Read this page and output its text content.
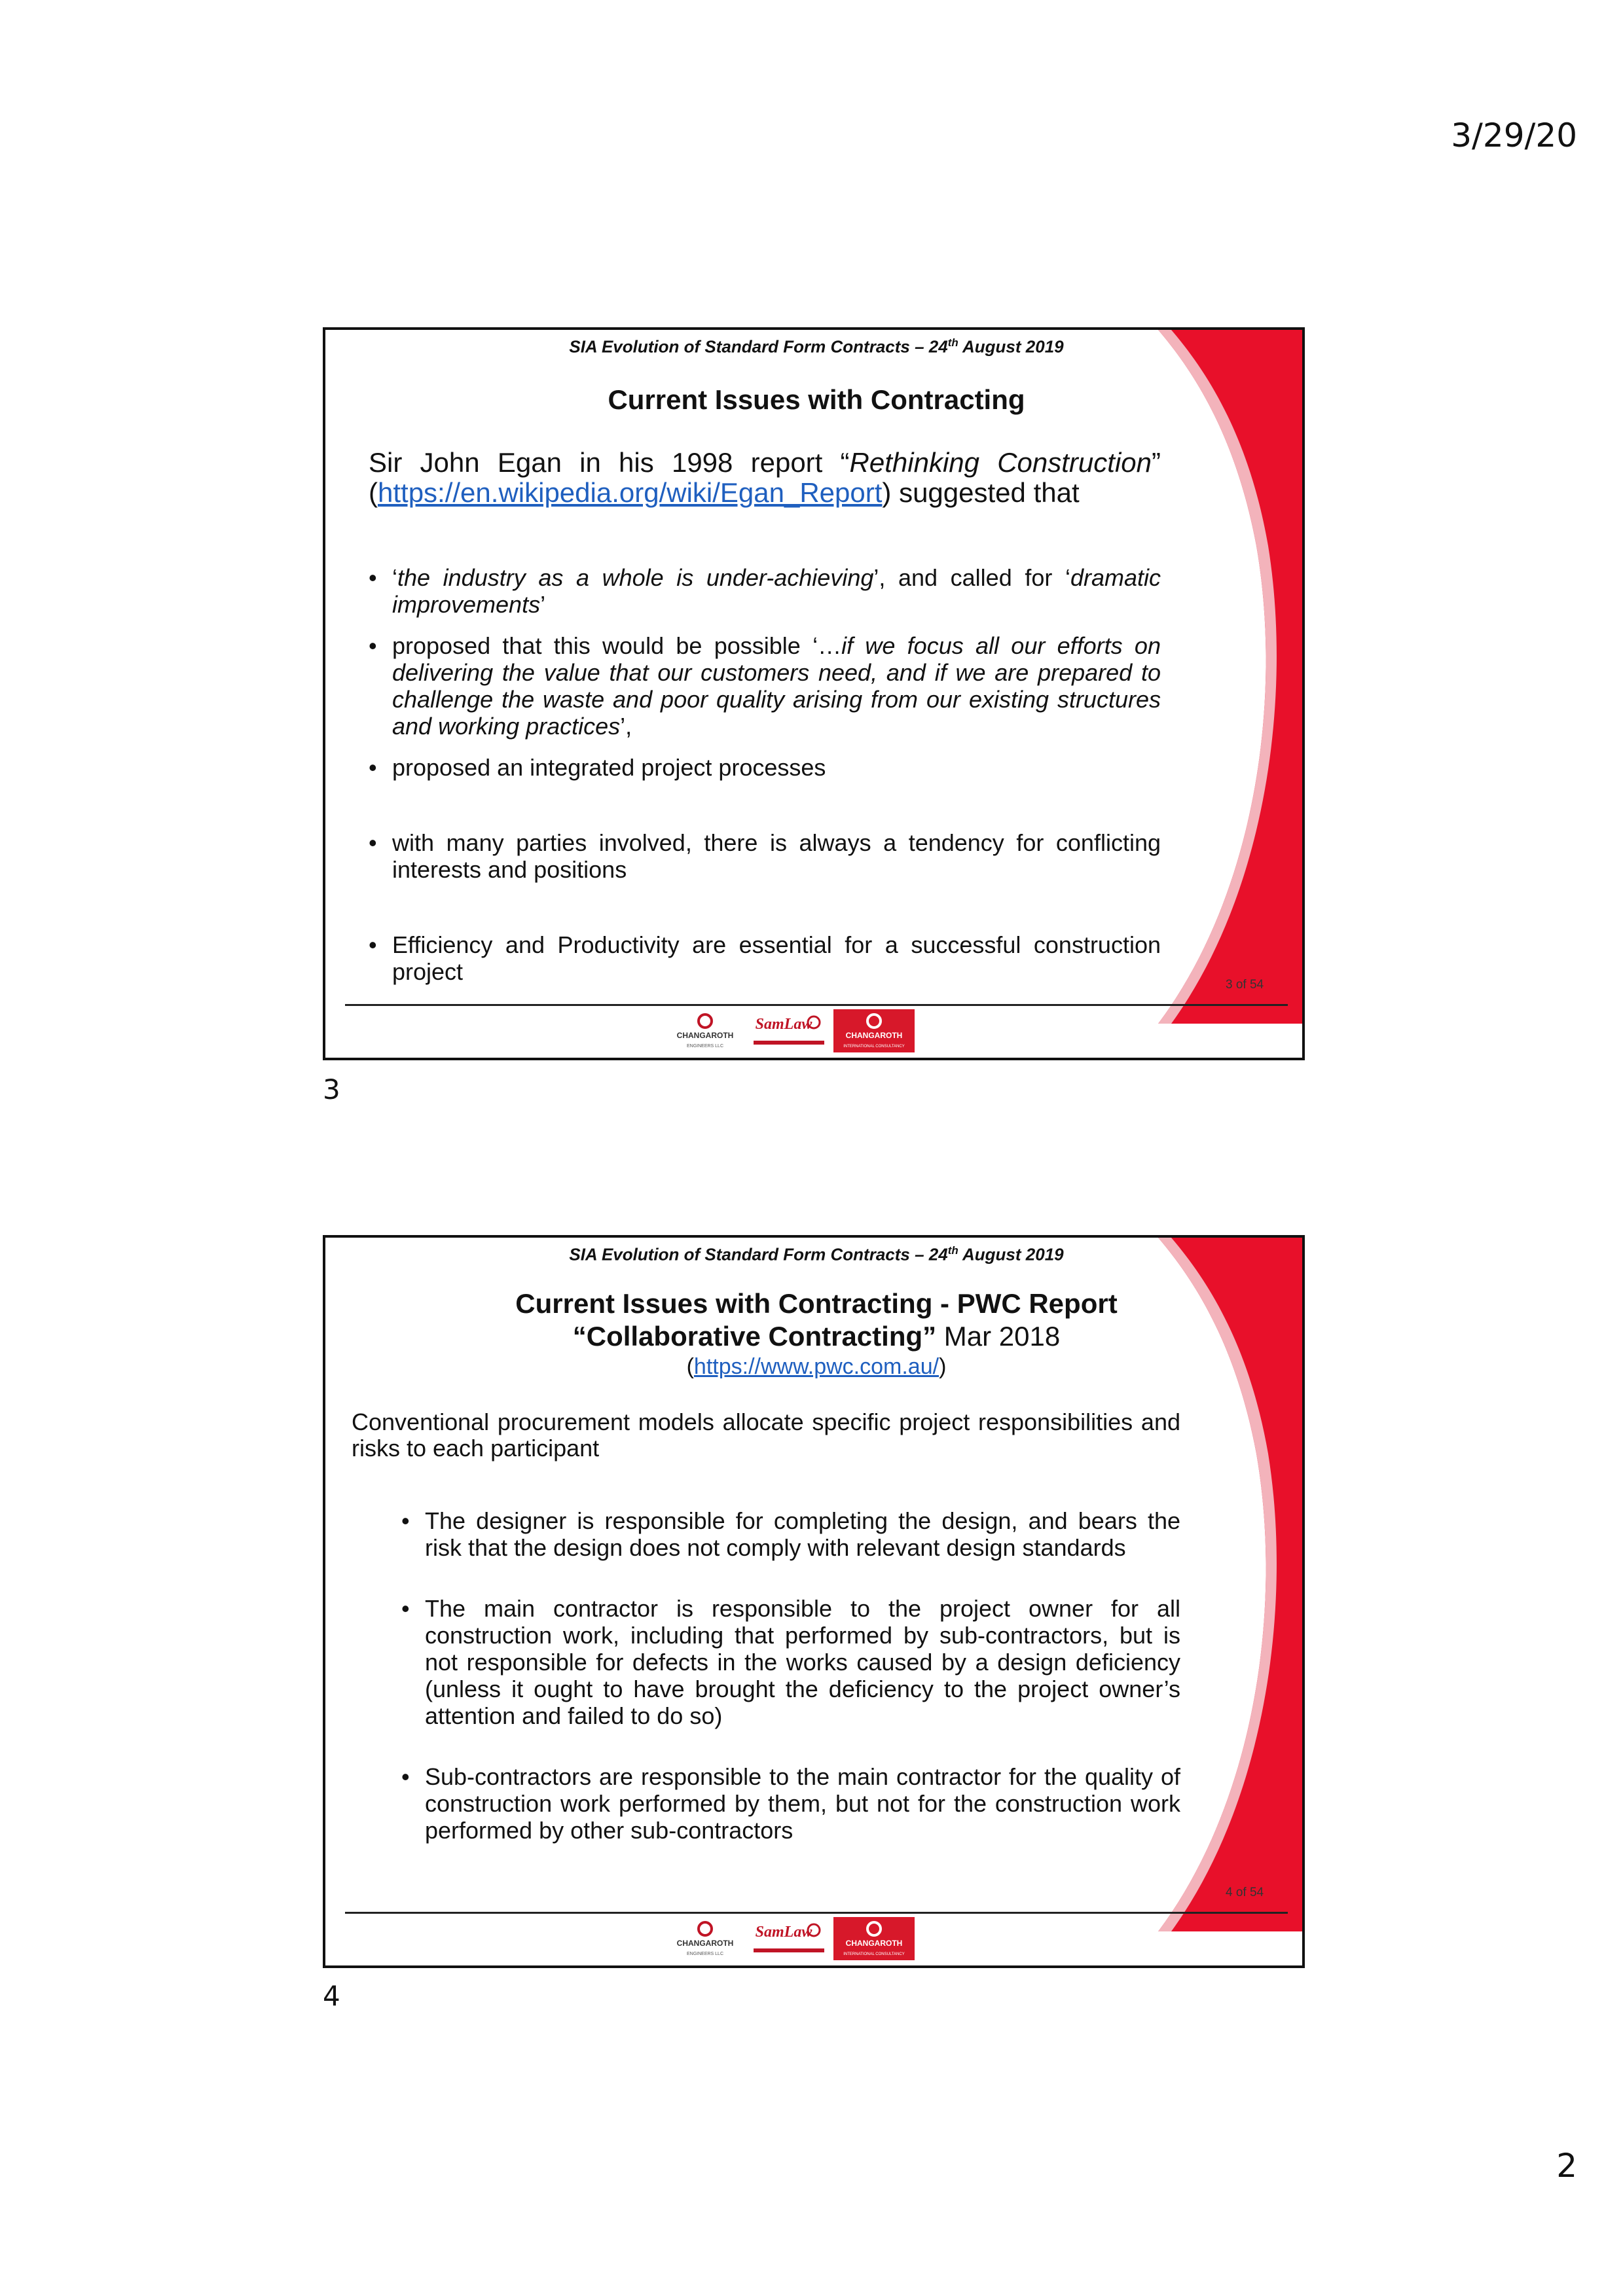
3/29/20
SIA Evolution of Standard Form Contracts – 24th August 2019
Current Issues with Contracting
Sir John Egan in his 1998 report “Rethinking Construction” (https://en.wikipedia.org/wiki/Egan_Report) suggested that
• ‘the industry as a whole is under-achieving’, and called for ‘dramatic improvements’
• proposed that this would be possible ‘…if we focus all our efforts on delivering the value that our customers need, and if we are prepared to challenge the waste and poor quality arising from our existing structures and working practices’,
• proposed an integrated project processes
• with many parties involved, there is always a tendency for conflicting interests and positions
• Efficiency and Productivity are essential for a successful construction project	3 of 54
CHANGAROTH
ENGINEERS LLC
SamLaw
CHANGAROTH
INTERNATIONAL CONSULTANCY
3
SIA Evolution of Standard Form Contracts – 24th August 2019
Current Issues with Contracting - PWC Report
“Collaborative Contracting” Mar 2018
(https://www.pwc.com.au/)
Conventional procurement models allocate specific project responsibilities and risks to each participant
• The designer is responsible for completing the design, and bears the risk that the design does not comply with relevant design standards
• The main contractor is responsible to the project owner for all construction work, including that performed by sub-contractors, but is not responsible for defects in the works caused by a design deficiency (unless it ought to have brought the deficiency to the project owner’s attention and failed to do so)
• Sub-contractors are responsible to the main contractor for the quality of construction work performed by them, but not for the construction work performed by other sub-contractors
4 of 54
CHANGAROTH
ENGINEERS LLC
SamLaw
CHANGAROTH
INTERNATIONAL CONSULTANCY
4
2
